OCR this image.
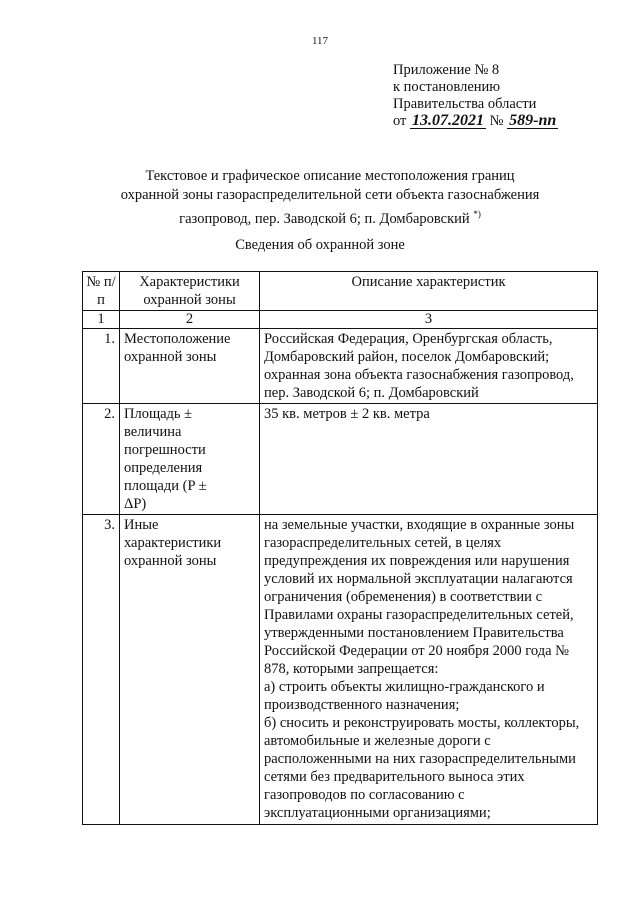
117
Приложение № 8
к постановлению
Правительства области
от 13.07.2021 № 589-пп
Текстовое и графическое описание местоположения границ
охранной зоны газораспределительной сети объекта газоснабжения
газопровод, пер. Заводской 6; п. Домбаровский *)
Сведения об охранной зоне
№ п/п	Характеристики охранной зоны	Описание характеристик
1	2	3
1.	Местоположение охранной зоны	Российская Федерация, Оренбургская область, Домбаровский район, поселок Домбаровский; охранная зона объекта газоснабжения газопровод, пер. Заводской 6; п. Домбаровский
2.	Площадь ± величина погрешности определения площади (P ± ΔP)	35 кв. метров ± 2 кв. метра
3.	Иные характеристики охранной зоны	на земельные участки, входящие в охранные зоны газораспределительных сетей, в целях предупреждения их повреждения или нарушения условий их нормальной эксплуатации налагаются ограничения (обременения) в соответствии с Правилами охраны газораспределительных сетей, утвержденными постановлением Правительства Российской Федерации от 20 ноября 2000 года № 878, которыми запрещается:
а) строить объекты жилищно-гражданского и производственного назначения;
б) сносить и реконструировать мосты, коллекторы, автомобильные и железные дороги с расположенными на них газораспределительными сетями без предварительного выноса этих газопроводов по согласованию с эксплуатационными организациями;
